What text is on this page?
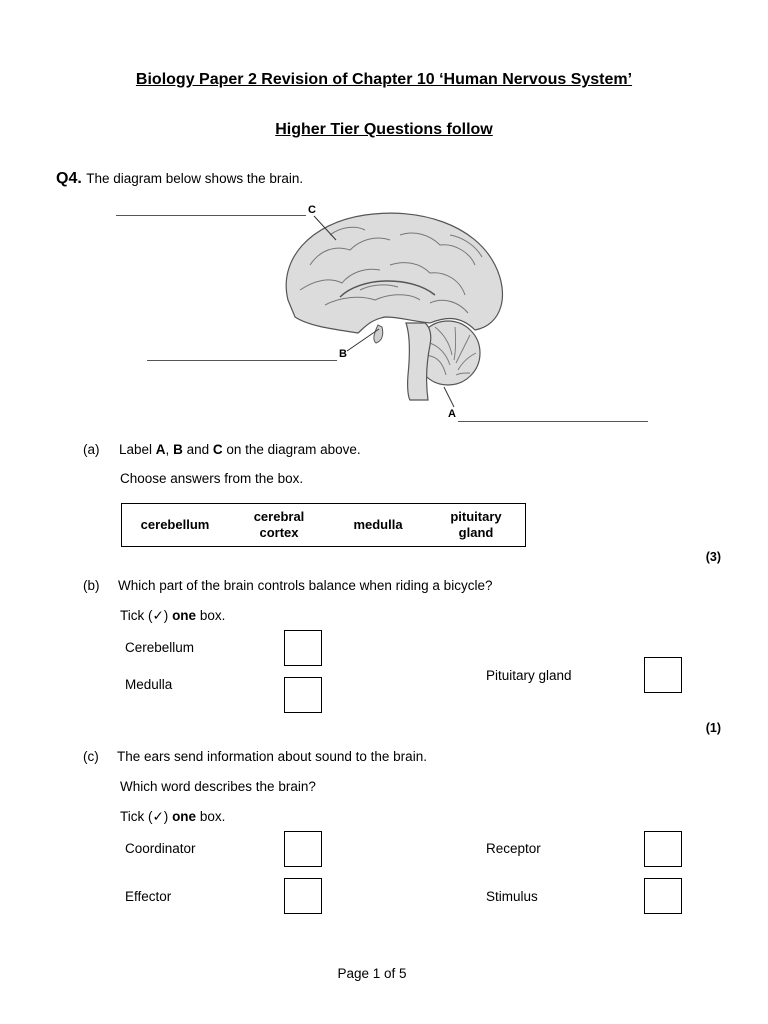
Biology Paper 2 Revision of Chapter 10 ‘Human Nervous System’
Higher Tier Questions follow
Q4. The diagram below shows the brain.
C
B
A
(a) Label A, B and C on the diagram above.
Choose answers from the box.
cerebellum
cerebral
cortex
medulla
pituitary
gland
(3)
(b) Which part of the brain controls balance when riding a bicycle?
Tick (✓) one box.
Cerebellum
Medulla
Pituitary gland
(1)
(c) The ears send information about sound to the brain.
Which word describes the brain?
Tick (✓) one box.
Coordinator	Receptor
Effector	Stimulus
Page 1 of 5
